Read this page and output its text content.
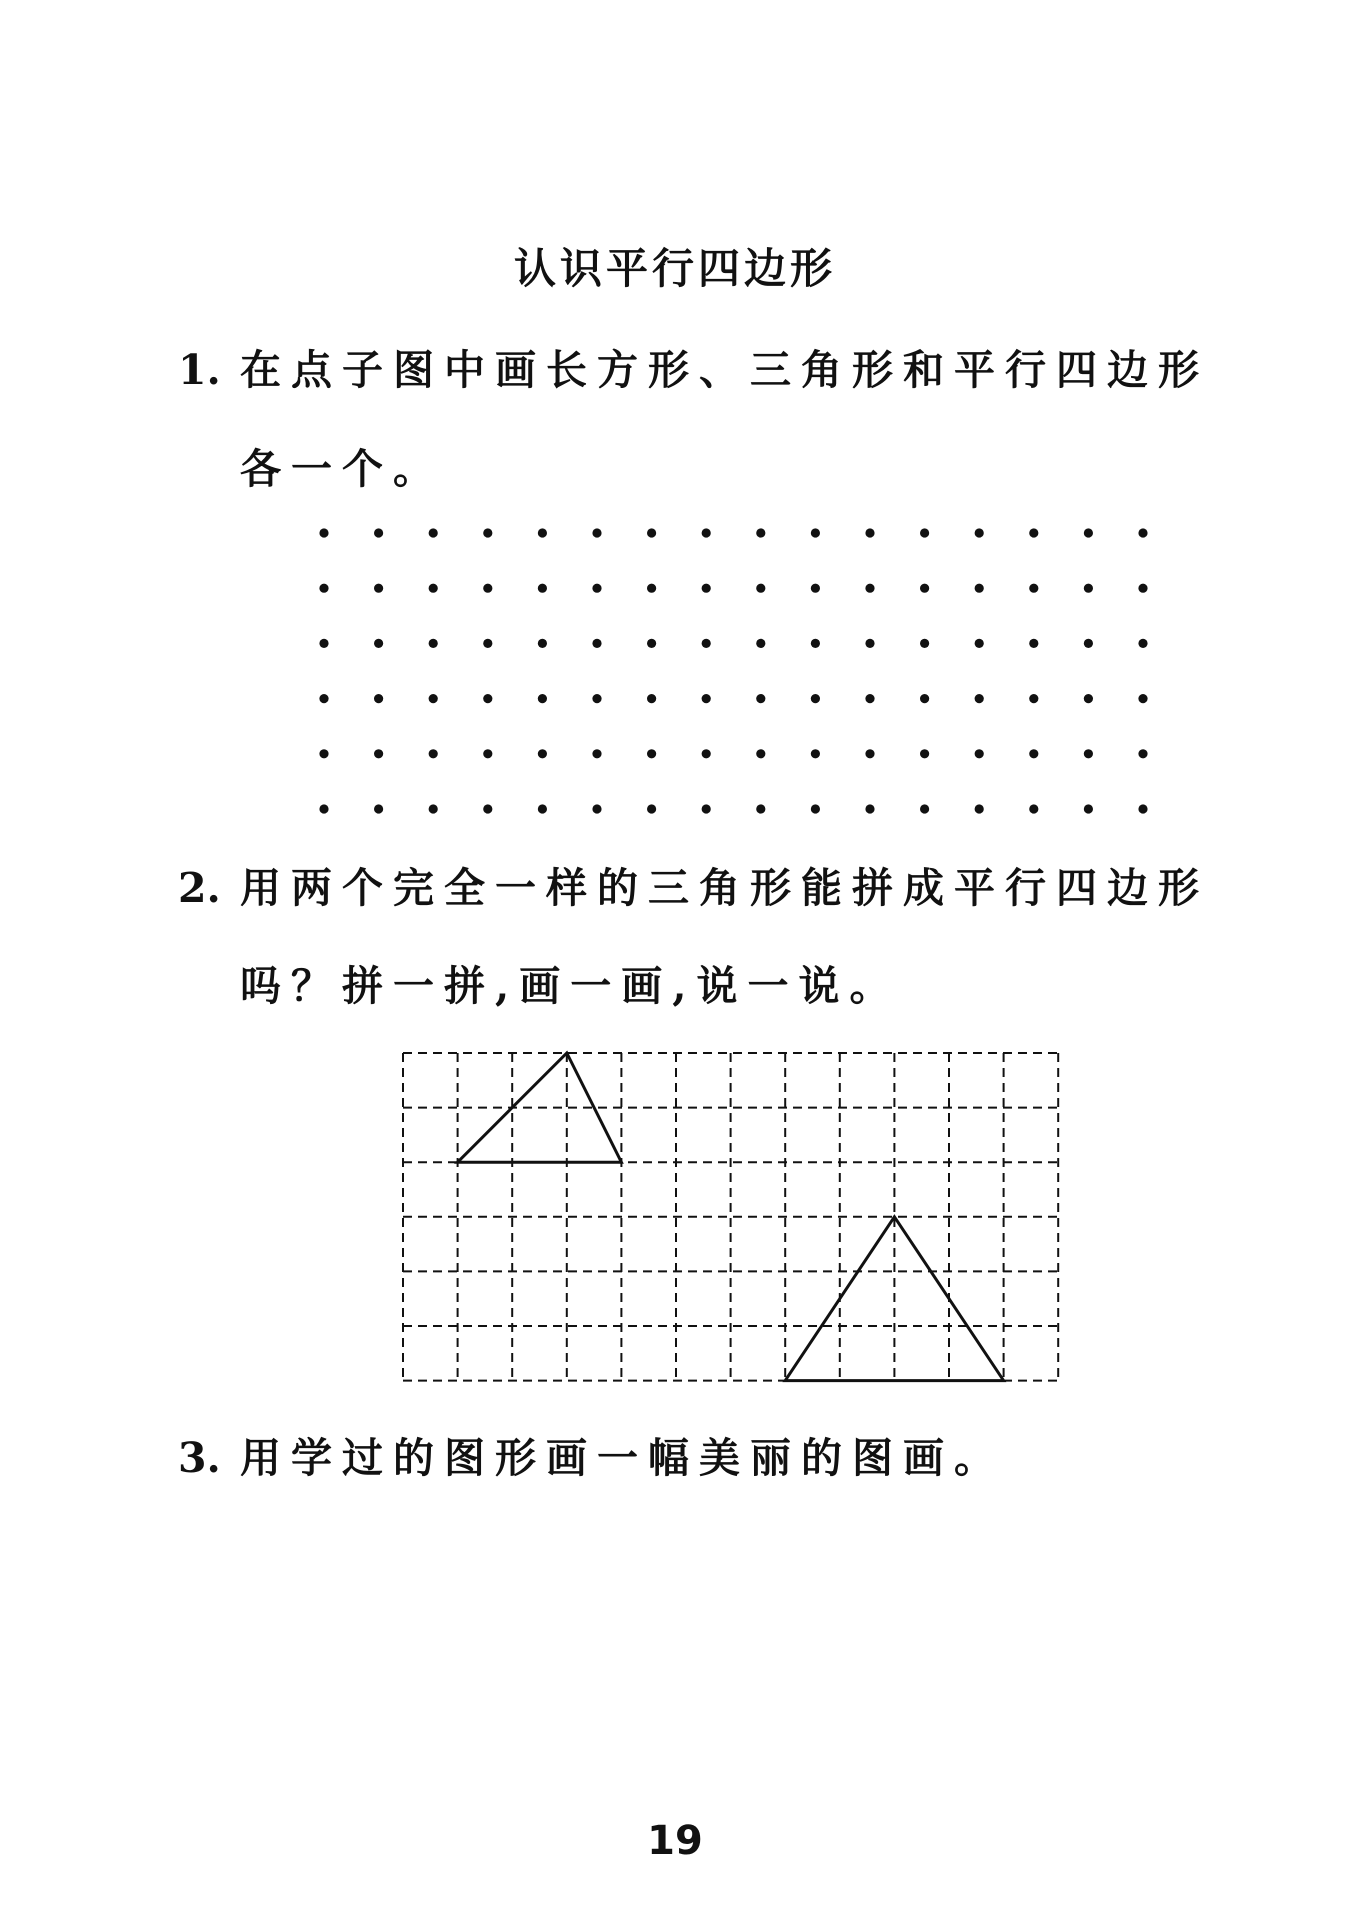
认识平行四边形
1. 在点子图中画长方形、三角形和平行四边形
各一个。
2. 用两个完全一样的三角形能拼成平行四边形
吗？拼一拼,画一画,说一说。
3. 用学过的图形画一幅美丽的图画。
19
